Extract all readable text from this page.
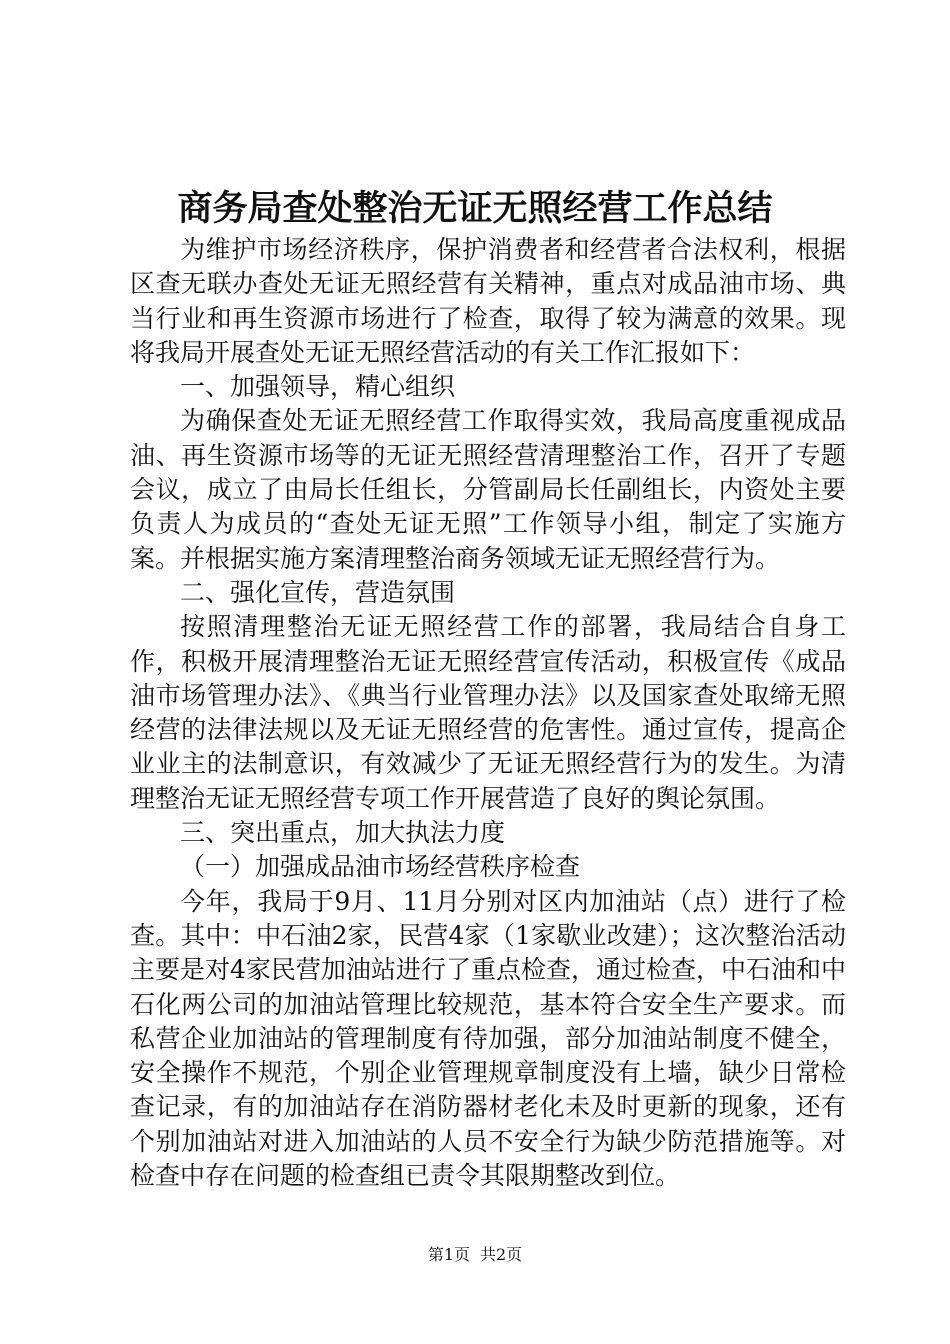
商务局查处整治无证无照经营工作总结

为维护市场经济秩序，保护消费者和经营者合法权利，根据区查无联办查处无证无照经营有关精神，重点对成品油市场、典当行业和再生资源市场进行了检查，取得了较为满意的效果。现将我局开展查处无证无照经营活动的有关工作汇报如下：

一、加强领导，精心组织

为确保查处无证无照经营工作取得实效，我局高度重视成品油、再生资源市场等的无证无照经营清理整治工作，召开了专题会议，成立了由局长任组长，分管副局长任副组长，内资处主要负责人为成员的“查处无证无照”工作领导小组，制定了实施方案。并根据实施方案清理整治商务领域无证无照经营行为。

二、强化宣传，营造氛围

按照清理整治无证无照经营工作的部署，我局结合自身工作，积极开展清理整治无证无照经营宣传活动，积极宣传《成品油市场管理办法》、《典当行业管理办法》以及国家查处取缔无照经营的法律法规以及无证无照经营的危害性。通过宣传，提高企业业主的法制意识，有效减少了无证无照经营行为的发生。为清理整治无证无照经营专项工作开展营造了良好的舆论氛围。

三、突出重点，加大执法力度

（一）加强成品油市场经营秩序检查

今年，我局于9月、11月分别对区内加油站（点）进行了检查。其中：中石油2家，民营4家（1家歇业改建）；这次整治活动主要是对4家民营加油站进行了重点检查，通过检查，中石油和中石化两公司的加油站管理比较规范，基本符合安全生产要求。而私营企业加油站的管理制度有待加强，部分加油站制度不健全，安全操作不规范，个别企业管理规章制度没有上墙，缺少日常检查记录，有的加油站存在消防器材老化未及时更新的现象，还有个别加油站对进入加油站的人员不安全行为缺少防范措施等。对检查中存在问题的检查组已责令其限期整改到位。

第1页 共2页
